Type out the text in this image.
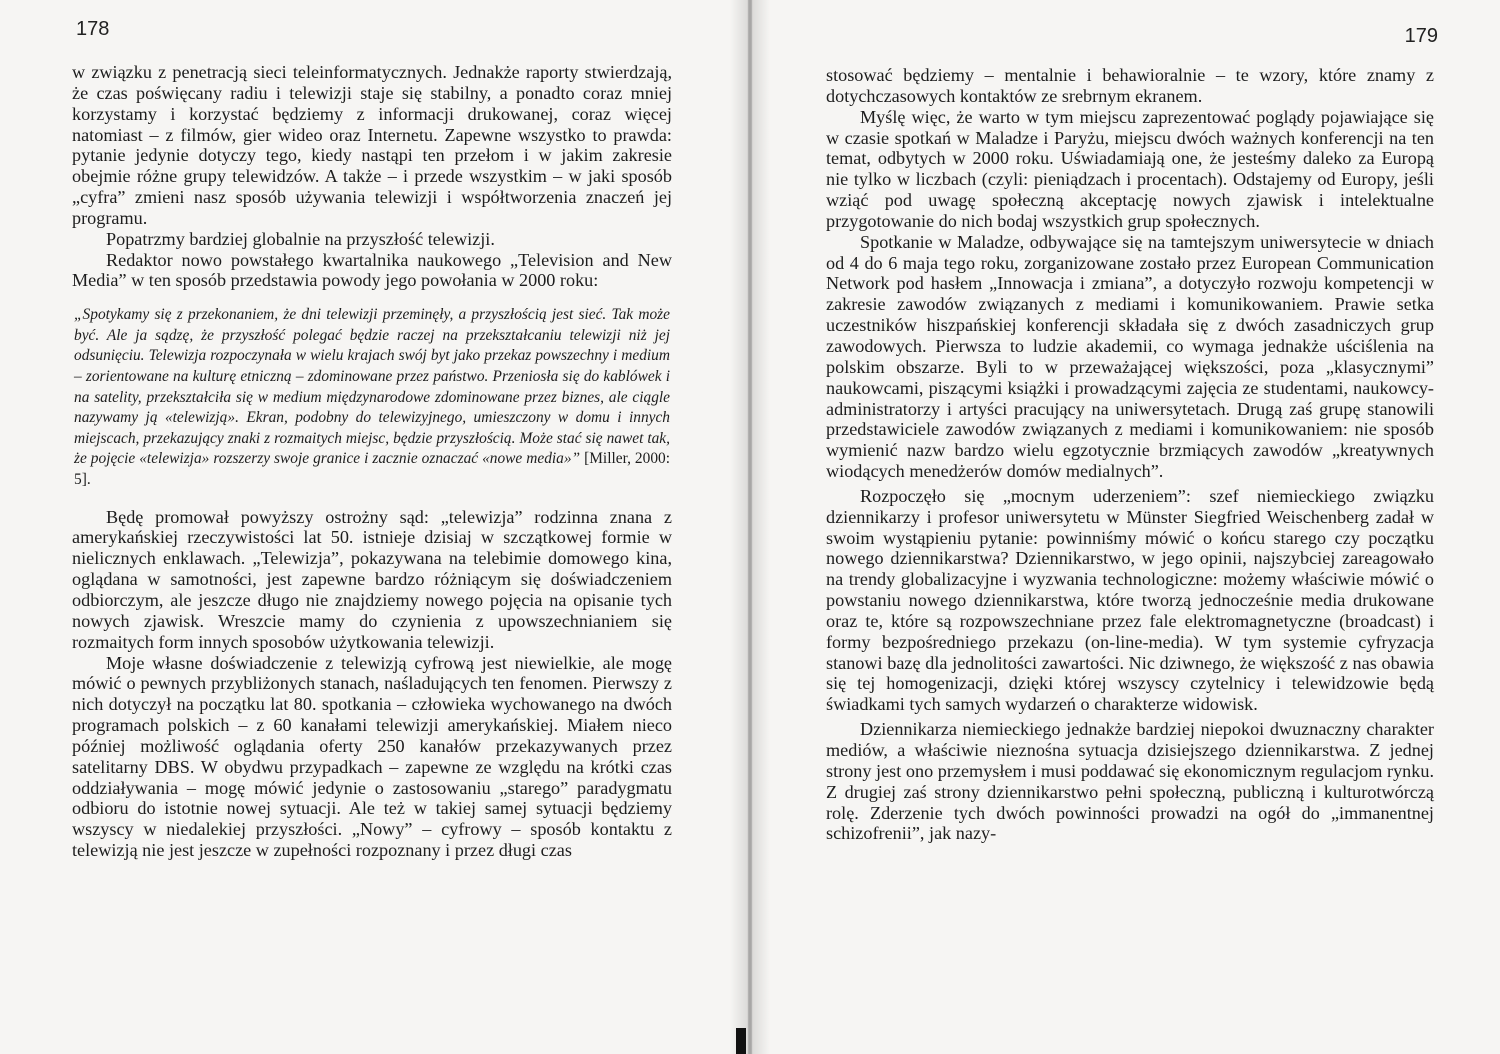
178

w związku z penetracją sieci teleinformatycznych. Jednakże raporty stwierdzają, że czas poświęcany radiu i telewizji staje się stabilny, a ponadto coraz mniej korzystamy i korzystać będziemy z informacji drukowanej, coraz więcej natomiast – z filmów, gier wideo oraz Internetu. Zapewne wszystko to prawda: pytanie jedynie dotyczy tego, kiedy nastąpi ten przełom i w jakim zakresie obejmie różne grupy telewidzów. A także – i przede wszystkim – w jaki sposób „cyfra” zmieni nasz sposób używania telewizji i współtworzenia znaczeń jej programu.

Popatrzmy bardziej globalnie na przyszłość telewizji.

Redaktor nowo powstałego kwartalnika naukowego „Television and New Media” w ten sposób przedstawia powody jego powołania w 2000 roku:

„Spotykamy się z przekonaniem, że dni telewizji przeminęły, a przyszłością jest sieć. Tak może być. Ale ja sądzę, że przyszłość polegać będzie raczej na przekształcaniu telewizji niż jej odsunięciu. Telewizja rozpoczynała w wielu krajach swój byt jako przekaz powszechny i medium – zorientowane na kulturę etniczną – zdominowane przez państwo. Przeniosła się do kablówek i na satelity, przekształciła się w medium międzynarodowe zdominowane przez biznes, ale ciągle nazywamy ją «telewizją». Ekran, podobny do telewizyjnego, umieszczony w domu i innych miejscach, przekazujący znaki z rozmaitych miejsc, będzie przyszłością. Może stać się nawet tak, że pojęcie «telewizja» rozszerzy swoje granice i zacznie oznaczać «nowe media»” [Miller, 2000: 5].

Będę promował powyższy ostrożny sąd: „telewizja” rodzinna znana z amerykańskiej rzeczywistości lat 50. istnieje dzisiaj w szczątkowej formie w nielicznych enklawach. „Telewizja”, pokazywana na telebimie domowego kina, oglądana w samotności, jest zapewne bardzo różniącym się doświadczeniem odbiorczym, ale jeszcze długo nie znajdziemy nowego pojęcia na opisanie tych nowych zjawisk. Wreszcie mamy do czynienia z upowszechnianiem się rozmaitych form innych sposobów użytkowania telewizji.

Moje własne doświadczenie z telewizją cyfrową jest niewielkie, ale mogę mówić o pewnych przybliżonych stanach, naśladujących ten fenomen. Pierwszy z nich dotyczył na początku lat 80. spotkania – człowieka wychowanego na dwóch programach polskich – z 60 kanałami telewizji amerykańskiej. Miałem nieco później możliwość oglądania oferty 250 kanałów przekazywanych przez satelitarny DBS. W obydwu przypadkach – zapewne ze względu na krótki czas oddziaływania – mogę mówić jedynie o zastosowaniu „starego” paradygmatu odbioru do istotnie nowej sytuacji. Ale też w takiej samej sytuacji będziemy wszyscy w niedalekiej przyszłości. „Nowy” – cyfrowy – sposób kontaktu z telewizją nie jest jeszcze w zupełności rozpoznany i przez długi czas

179

stosować będziemy – mentalnie i behawioralnie – te wzory, które znamy z dotychczasowych kontaktów ze srebrnym ekranem.

Myślę więc, że warto w tym miejscu zaprezentować poglądy pojawiające się w czasie spotkań w Maladze i Paryżu, miejscu dwóch ważnych konferencji na ten temat, odbytych w 2000 roku. Uświadamiają one, że jesteśmy daleko za Europą nie tylko w liczbach (czyli: pieniądzach i procentach). Odstajemy od Europy, jeśli wziąć pod uwagę społeczną akceptację nowych zjawisk i intelektualne przygotowanie do nich bodaj wszystkich grup społecznych.

Spotkanie w Maladze, odbywające się na tamtejszym uniwersytecie w dniach od 4 do 6 maja tego roku, zorganizowane zostało przez European Communication Network pod hasłem „Innowacja i zmiana”, a dotyczyło rozwoju kompetencji w zakresie zawodów związanych z mediami i komunikowaniem. Prawie setka uczestników hiszpańskiej konferencji składała się z dwóch zasadniczych grup zawodowych. Pierwsza to ludzie akademii, co wymaga jednakże uściślenia na polskim obszarze. Byli to w przeważającej większości, poza „klasycznymi” naukowcami, piszącymi książki i prowadzącymi zajęcia ze studentami, naukowcy-administratorzy i artyści pracujący na uniwersytetach. Drugą zaś grupę stanowili przedstawiciele zawodów związanych z mediami i komunikowaniem: nie sposób wymienić nazw bardzo wielu egzotycznie brzmiących zawodów „kreatywnych wiodących menedżerów domów medialnych”.

Rozpoczęło się „mocnym uderzeniem”: szef niemieckiego związku dziennikarzy i profesor uniwersytetu w Münster Siegfried Weischenberg zadał w swoim wystąpieniu pytanie: powinniśmy mówić o końcu starego czy początku nowego dziennikarstwa? Dziennikarstwo, w jego opinii, najszybciej zareagowało na trendy globalizacyjne i wyzwania technologiczne: możemy właściwie mówić o powstaniu nowego dziennikarstwa, które tworzą jednocześnie media drukowane oraz te, które są rozpowszechniane przez fale elektromagnetyczne (broadcast) i formy bezpośredniego przekazu (on-line-media). W tym systemie cyfryzacja stanowi bazę dla jednolitości zawartości. Nic dziwnego, że większość z nas obawia się tej homogenizacji, dzięki której wszyscy czytelnicy i telewidzowie będą świadkami tych samych wydarzeń o charakterze widowisk.

Dziennikarza niemieckiego jednakże bardziej niepokoi dwuznaczny charakter mediów, a właściwie nieznośna sytuacja dzisiejszego dziennikarstwa. Z jednej strony jest ono przemysłem i musi poddawać się ekonomicznym regulacjom rynku. Z drugiej zaś strony dziennikarstwo pełni społeczną, publiczną i kulturotwórczą rolę. Zderzenie tych dwóch powinności prowadzi na ogół do „immanentnej schizofrenii”, jak nazy-
